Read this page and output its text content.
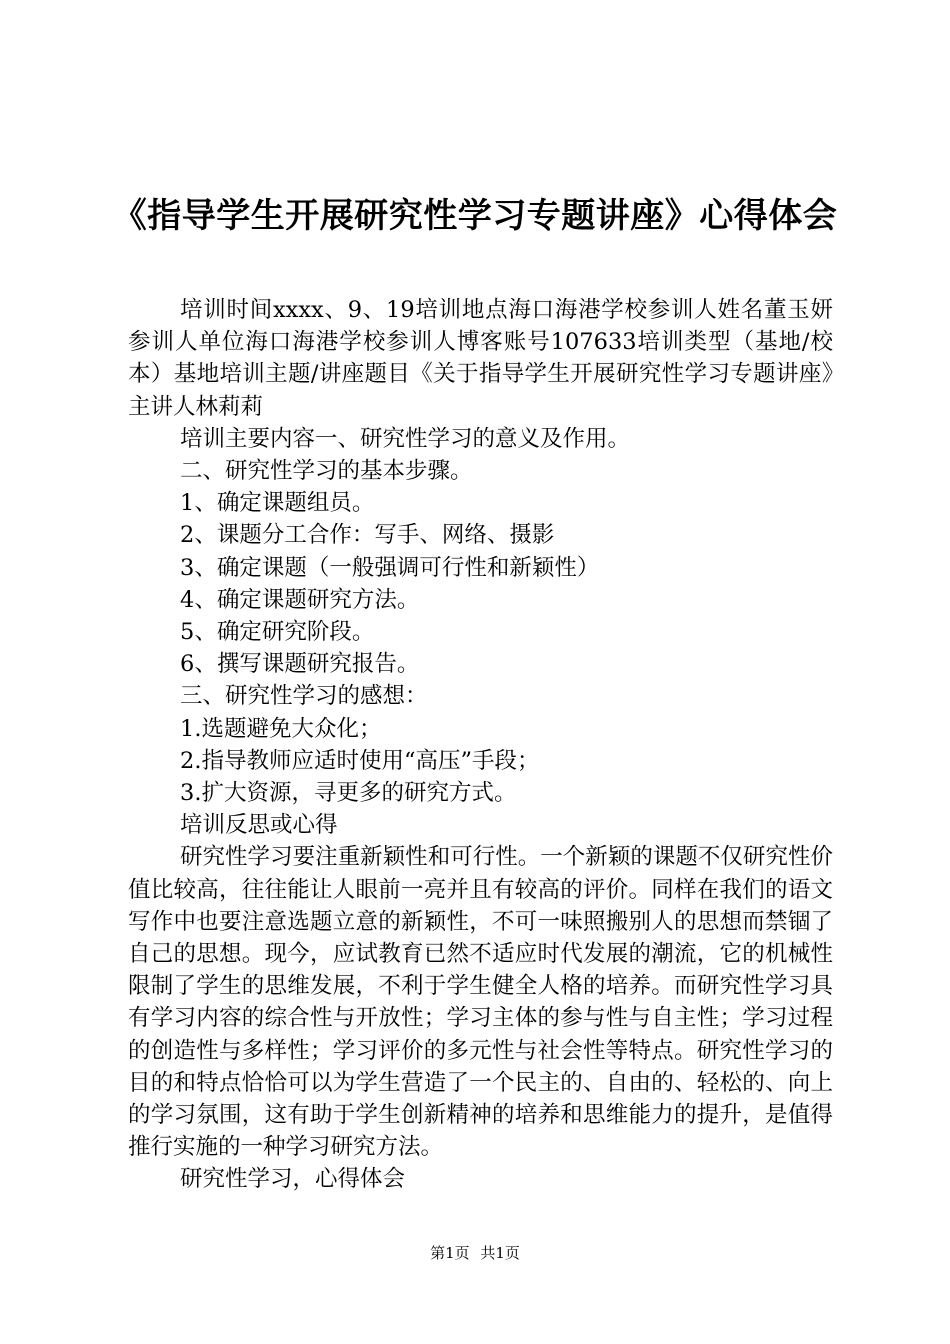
《指导学生开展研究性学习专题讲座》心得体会

培训时间xxxx、9、19培训地点海口海港学校参训人姓名董玉妍参训人单位海口海港学校参训人博客账号107633培训类型（基地/校本）基地培训主题/讲座题目《关于指导学生开展研究性学习专题讲座》主讲人林莉莉

培训主要内容一、研究性学习的意义及作用。

二、研究性学习的基本步骤。

1、确定课题组员。

2、课题分工合作：写手、网络、摄影

3、确定课题（一般强调可行性和新颖性）

4、确定课题研究方法。

5、确定研究阶段。

6、撰写课题研究报告。

三、研究性学习的感想：

1.选题避免大众化；

2.指导教师应适时使用“高压”手段；

3.扩大资源，寻更多的研究方式。

培训反思或心得

研究性学习要注重新颖性和可行性。一个新颖的课题不仅研究性价值比较高，往往能让人眼前一亮并且有较高的评价。同样在我们的语文写作中也要注意选题立意的新颖性，不可一味照搬别人的思想而禁锢了自己的思想。现今，应试教育已然不适应时代发展的潮流，它的机械性限制了学生的思维发展，不利于学生健全人格的培养。而研究性学习具有学习内容的综合性与开放性；学习主体的参与性与自主性；学习过程的创造性与多样性；学习评价的多元性与社会性等特点。研究性学习的目的和特点恰恰可以为学生营造了一个民主的、自由的、轻松的、向上的学习氛围，这有助于学生创新精神的培养和思维能力的提升，是值得推行实施的一种学习研究方法。

研究性学习，心得体会

第1页 共1页
